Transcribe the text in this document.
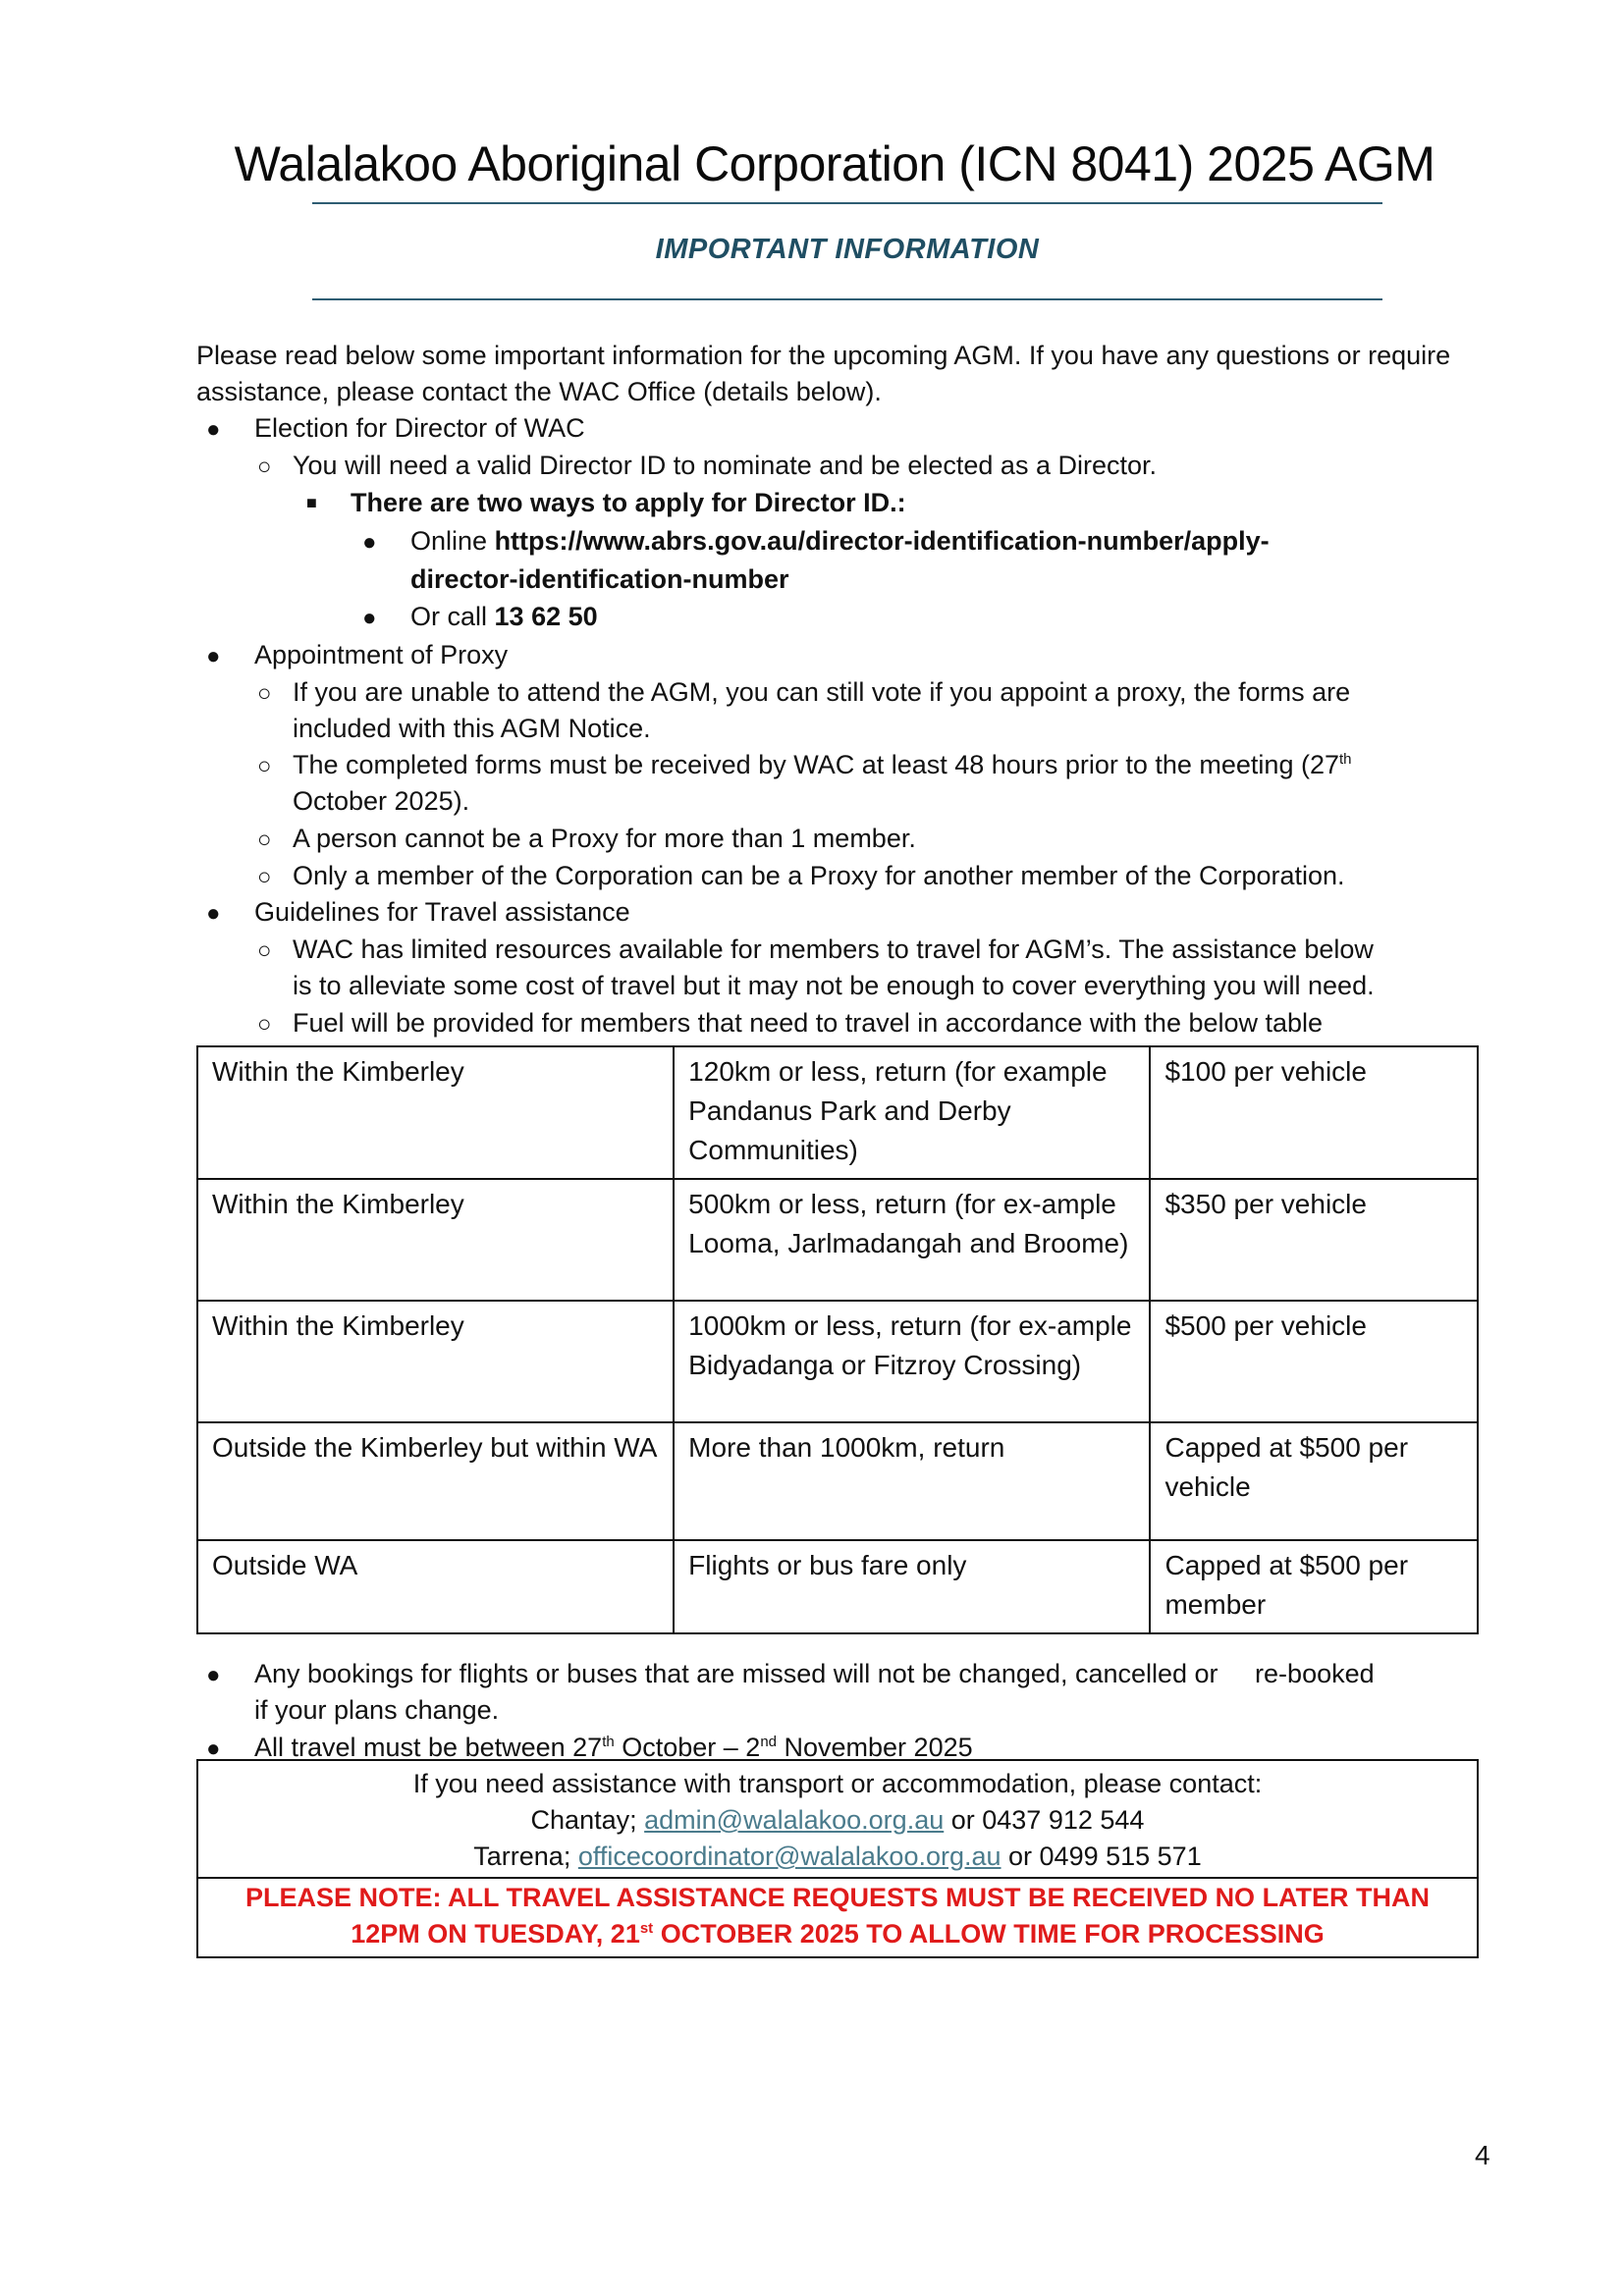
Walalakoo Aboriginal Corporation (ICN 8041) 2025 AGM
IMPORTANT INFORMATION
Please read below some important information for the upcoming AGM. If you have any questions or require assistance, please contact the WAC Office (details below).
● Election for Director of WAC
○ You will need a valid Director ID to nominate and be elected as a Director.
■ There are two ways to apply for Director ID.:
● Online https://www.abrs.gov.au/director-identification-number/apply-
director-identification-number
● Or call 13 62 50
● Appointment of Proxy
○ If you are unable to attend the AGM, you can still vote if you appoint a proxy, the forms are
included with this AGM Notice.
○ The completed forms must be received by WAC at least 48 hours prior to the meeting (27th
October 2025).
○ A person cannot be a Proxy for more than 1 member.
○ Only a member of the Corporation can be a Proxy for another member of the Corporation.
● Guidelines for Travel assistance
○ WAC has limited resources available for members to travel for AGM’s. The assistance below
is to alleviate some cost of travel but it may not be enough to cover everything you will need.
○ Fuel will be provided for members that need to travel in accordance with the below table
Within the Kimberley	120km or less, return (for example Pandanus Park and Derby Communities)	$100 per vehicle
Within the Kimberley	500km or less, return (for ex-ample Looma, Jarlmadangah and Broome)	$350 per vehicle
Within the Kimberley	1000km or less, return (for ex-ample Bidyadanga or Fitzroy Crossing)	$500 per vehicle
Outside the Kimberley but within WA	More than 1000km, return	Capped at $500 per vehicle
Outside WA	Flights or bus fare only	Capped at $500 per member
● Any bookings for flights or buses that are missed will not be changed, cancelled or     re-booked
if your plans change.
● All travel must be between 27th October – 2nd November 2025
If you need assistance with transport or accommodation, please contact:
Chantay; admin@walalakoo.org.au or 0437 912 544
Tarrena; officecoordinator@walalakoo.org.au or 0499 515 571
PLEASE NOTE: ALL TRAVEL ASSISTANCE REQUESTS MUST BE RECEIVED NO LATER THAN
12PM ON TUESDAY, 21st OCTOBER 2025 TO ALLOW TIME FOR PROCESSING
4
